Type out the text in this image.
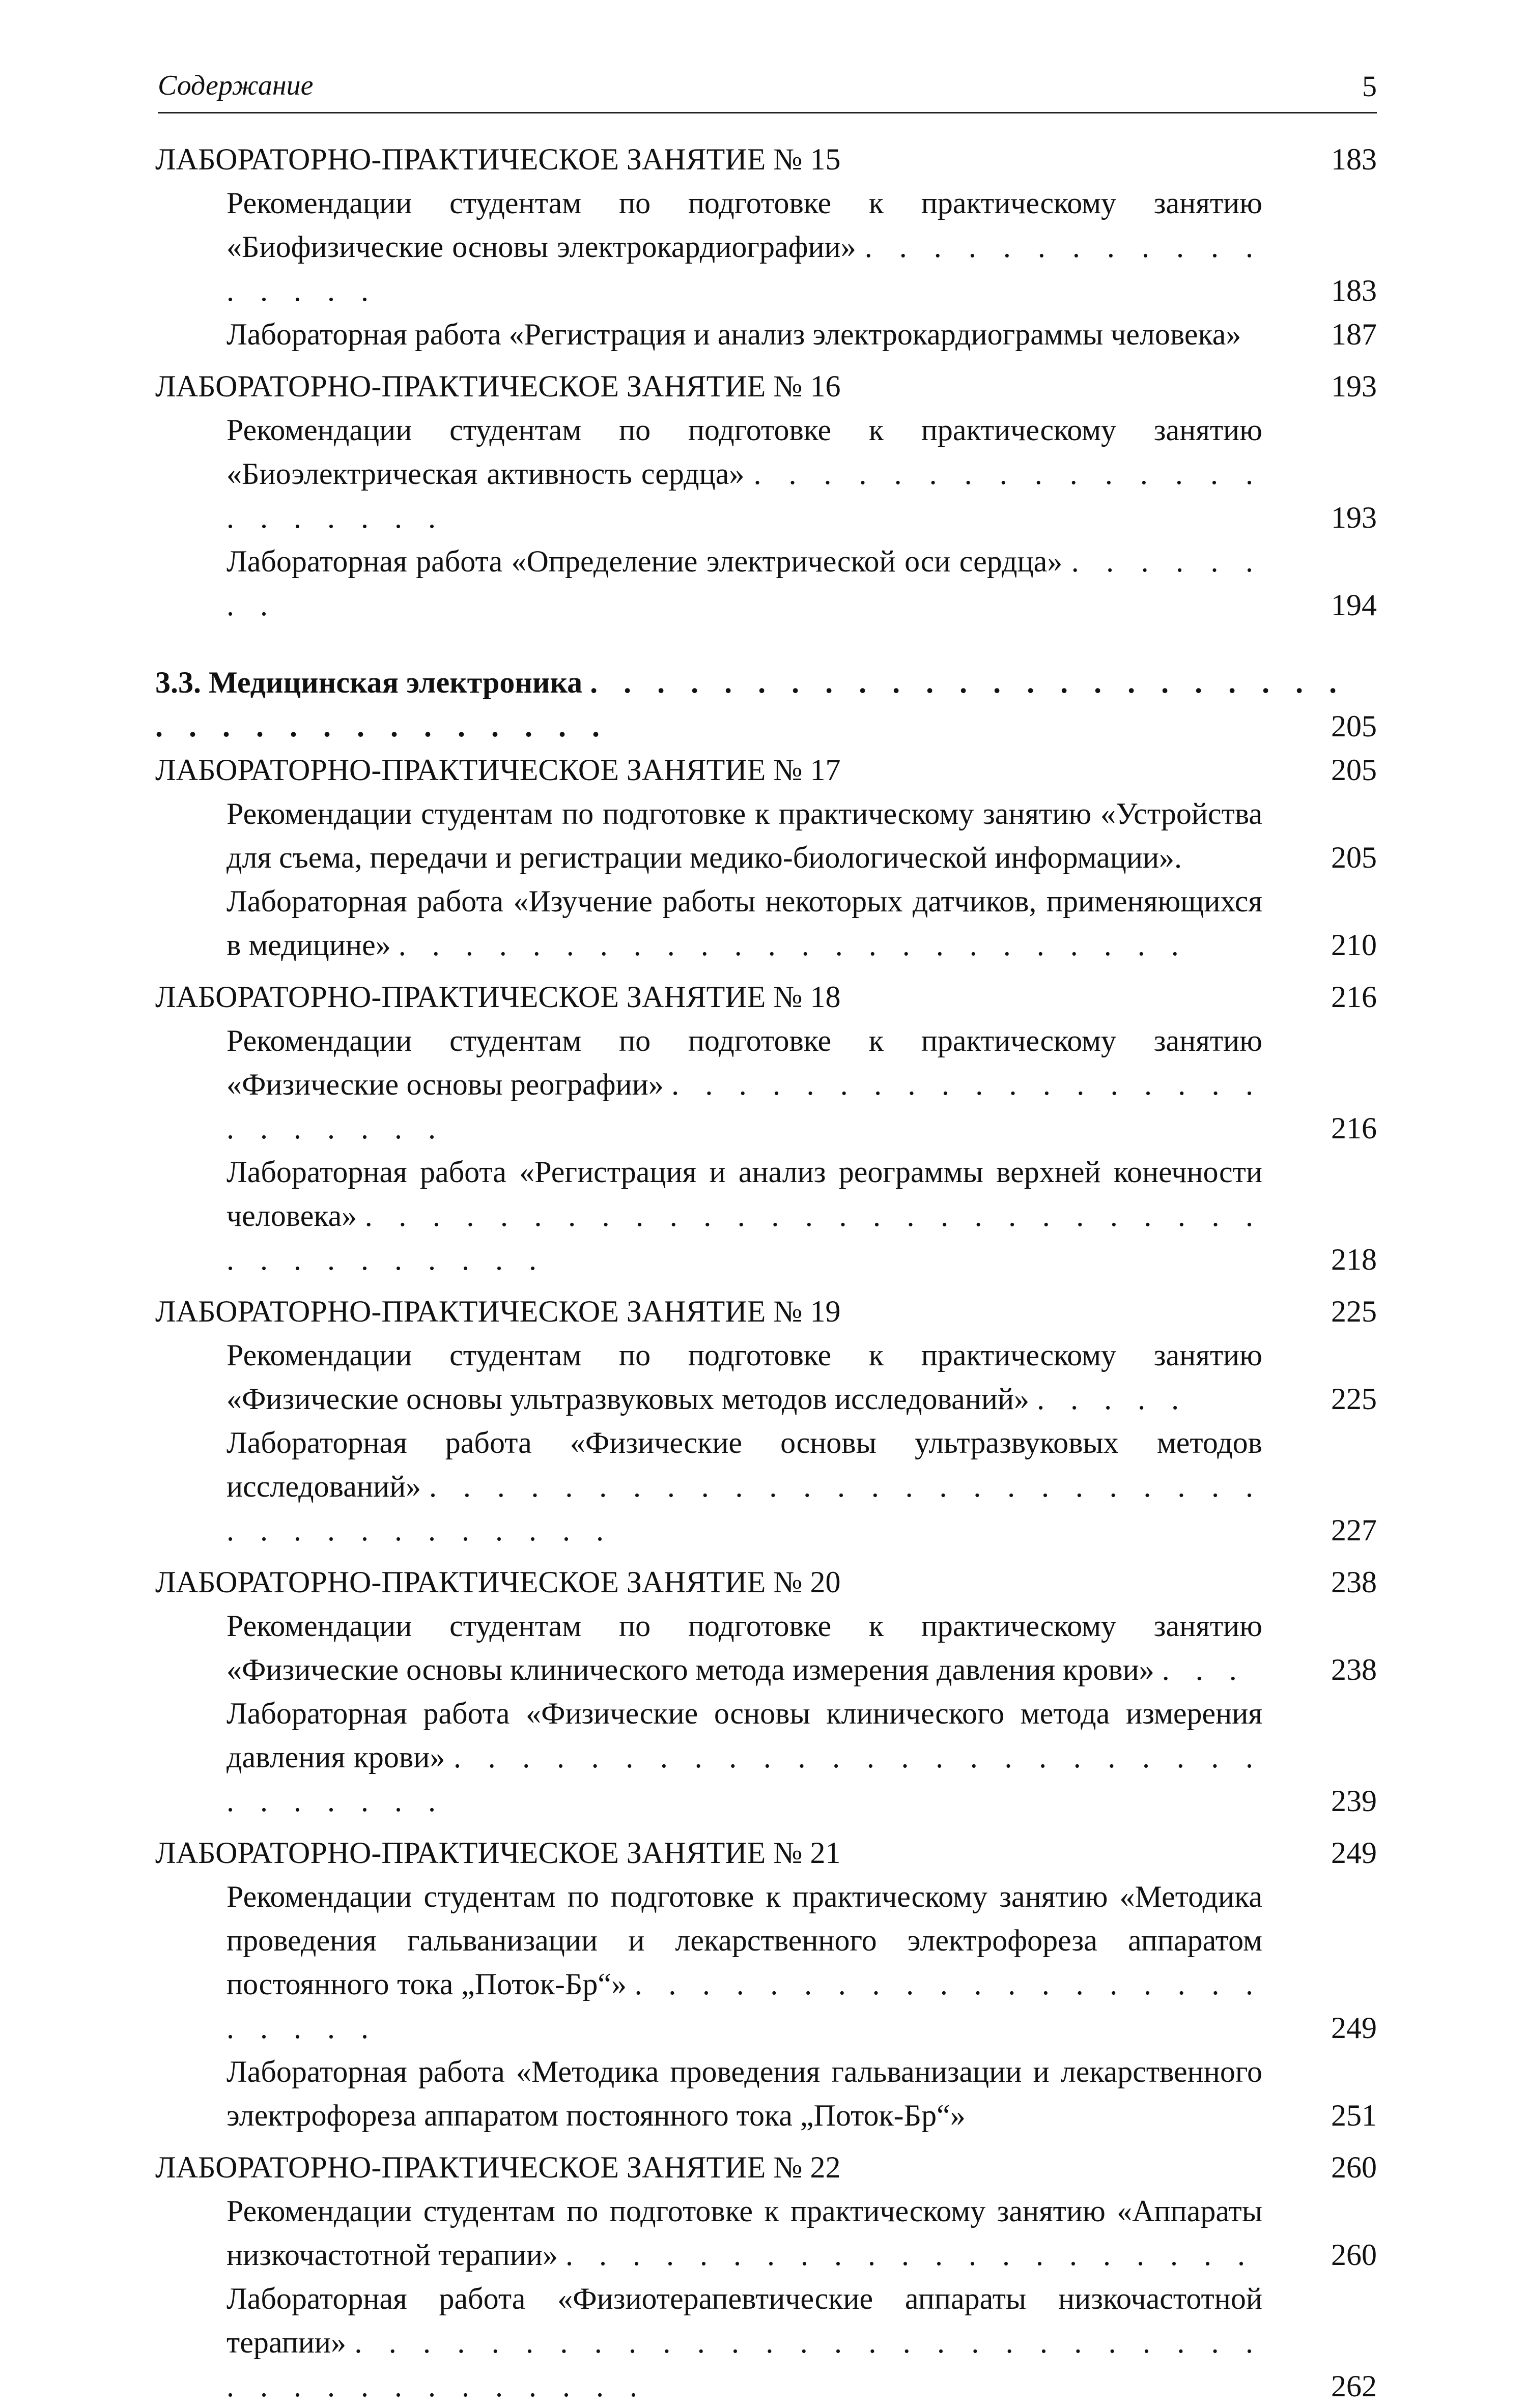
Содержание	5
ЛАБОРАТОРНО-ПРАКТИЧЕСКОЕ ЗАНЯТИЕ № 15	183
Рекомендации студентам по подготовке к практическому занятию «Биофизические основы электрокардиографии» . . . . . . . . . . . . . . . . .	183
Лабораторная работа «Регистрация и анализ электрокардиограммы человека»	187
ЛАБОРАТОРНО-ПРАКТИЧЕСКОЕ ЗАНЯТИЕ № 16	193
Рекомендации студентам по подготовке к практическому занятию «Биоэлектрическая активность сердца» . . . . . . . . . . . . . . . . . . . . . .	193
Лабораторная работа «Определение электрической оси сердца» . . . . . . . .	194
3.3. Медицинская электроника . . . . . . . . . . . . . . . . . . . . . . . . . . . . . . . . . . . . .	205
ЛАБОРАТОРНО-ПРАКТИЧЕСКОЕ ЗАНЯТИЕ № 17	205
Рекомендации студентам по подготовке к практическому занятию «Устройства для съема, передачи и регистрации медико-биологической информации».	205
Лабораторная работа «Изучение работы некоторых датчиков, применяющихся в медицине» . . . . . . . . . . . . . . . . . . . . . . . .	210
ЛАБОРАТОРНО-ПРАКТИЧЕСКОЕ ЗАНЯТИЕ № 18	216
Рекомендации студентам по подготовке к практическому занятию «Физические основы реографии» . . . . . . . . . . . . . . . . . . . . . . . . .	216
Лабораторная работа «Регистрация и анализ реограммы верхней конечности человека» . . . . . . . . . . . . . . . . . . . . . . . . . . . . . . . . . . . . .	218
ЛАБОРАТОРНО-ПРАКТИЧЕСКОЕ ЗАНЯТИЕ № 19	225
Рекомендации студентам по подготовке к практическому занятию «Физические основы ультразвуковых методов исследований» . . . . .	225
Лабораторная работа «Физические основы ультразвуковых методов исследований» . . . . . . . . . . . . . . . . . . . . . . . . . . . . . . . . . . . . .	227
ЛАБОРАТОРНО-ПРАКТИЧЕСКОЕ ЗАНЯТИЕ № 20	238
Рекомендации студентам по подготовке к практическому занятию «Физические основы клинического метода измерения давления крови» . . .	238
Лабораторная работа «Физические основы клинического метода измерения давления крови» . . . . . . . . . . . . . . . . . . . . . . . . . . . . . . .	239
ЛАБОРАТОРНО-ПРАКТИЧЕСКОЕ ЗАНЯТИЕ № 21	249
Рекомендации студентам по подготовке к практическому занятию «Методика проведения гальванизации и лекарственного электрофореза аппаратом постоянного тока „Поток-Бр“» . . . . . . . . . . . . . . . . . . . . . . . .	249
Лабораторная работа «Методика проведения гальванизации и лекарственного электрофореза аппаратом постоянного тока „Поток-Бр“»	251
ЛАБОРАТОРНО-ПРАКТИЧЕСКОЕ ЗАНЯТИЕ № 22	260
Рекомендации студентам по подготовке к практическому занятию «Аппараты низкочастотной терапии» . . . . . . . . . . . . . . . . . . . . .	260
Лабораторная работа «Физиотерапевтические аппараты низкочастотной терапии» . . . . . . . . . . . . . . . . . . . . . . . . . . . . . . . . . . . . . . . .	262
